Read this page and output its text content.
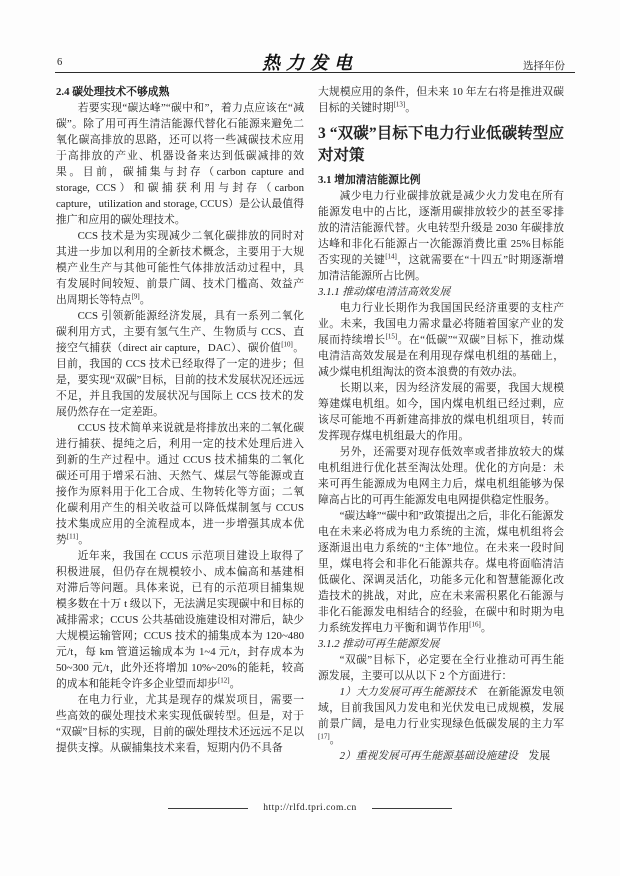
6	热力发电	选择年份
2.4 碳处理技术不够成熟

若要实现“碳达峰”“碳中和”，着力点应该在“减碳”。除了用可再生清洁能源代替化石能源来避免二氧化碳高排放的思路，还可以将一些减碳技术应用于高排放的产业、机器设备来达到低碳减排的效果。目前，碳捕集与封存（carbon capture and storage, CCS）和碳捕获利用与封存（carbon capture，utilization and storage, CCUS）是公认最值得推广和应用的碳处理技术。

CCS 技术是为实现减少二氧化碳排放的同时对其进一步加以利用的全新技术概念，主要用于大规模产业生产与其他可能性气体排放活动过程中，具有发展时间较短、前景广阔、技术门槛高、效益产出周期长等特点[9]。

CCS 引领新能源经济发展，具有一系列二氧化碳利用方式，主要有氢气生产、生物质与 CCS、直接空气捕获（direct air capture，DAC）、碳价值[10]。目前，我国的 CCS 技术已经取得了一定的进步；但是，要实现“双碳”目标，目前的技术发展状况还远远不足，并且我国的发展状况与国际上 CCS 技术的发展仍然存在一定差距。

CCUS 技术简单来说就是将排放出来的二氧化碳进行捕获、提纯之后，利用一定的技术处理后进入到新的生产过程中。通过 CCUS 技术捕集的二氧化碳还可用于增采石油、天然气、煤层气等能源或直接作为原料用于化工合成、生物转化等方面；二氧化碳利用产生的相关收益可以降低煤制氢与 CCUS 技术集成应用的全流程成本，进一步增强其成本优势[11]。

近年来，我国在 CCUS 示范项目建设上取得了积极进展，但仍存在规模较小、成本偏高和基建相对滞后等问题。具体来说，已有的示范项目捕集规模多数在十万 t 级以下，无法满足实现碳中和目标的减排需求；CCUS 公共基础设施建设相对滞后，缺少大规模运输管网；CCUS 技术的捕集成本为 120~480 元/t，每 km 管道运输成本为 1~4 元/t，封存成本为 50~300 元/t，此外还将增加 10%~20%的能耗，较高的成本和能耗令许多企业望而却步[12]。

在电力行业，尤其是现存的煤炭项目，需要一些高效的碳处理技术来实现低碳转型。但是，对于“双碳”目标的实现，目前的碳处理技术还远远不足以提供支撑。从碳捕集技术来看，短期内仍不具备

大规模应用的条件，但未来 10 年左右将是推进双碳目标的关键时期[13]。

3 “双碳”目标下电力行业低碳转型应对对策
3.1 增加清洁能源比例

减少电力行业碳排放就是减少火力发电在所有能源发电中的占比，逐渐用碳排放较少的甚至零排放的清洁能源代替。火电转型升级是 2030 年碳排放达峰和非化石能源占一次能源消费比重 25%目标能否实现的关键[14]，这就需要在“十四五”时期逐渐增加清洁能源所占比例。

3.1.1 推动煤电清洁高效发展

电力行业长期作为我国国民经济重要的支柱产业。未来，我国电力需求量必将随着国家产业的发展而持续增长[15]。在“低碳”“双碳”目标下，推动煤电清洁高效发展是在利用现存煤电机组的基础上，减少煤电机组淘汰的资本浪费的有效办法。

长期以来，因为经济发展的需要，我国大规模筹建煤电机组。如今，国内煤电机组已经过剩，应该尽可能地不再新建高排放的煤电机组项目，转而发挥现存煤电机组最大的作用。

另外，还需要对现存低效率或者排放较大的煤电机组进行优化甚至淘汰处理。优化的方向是：未来可再生能源成为电网主力后，煤电机组能够为保障高占比的可再生能源发电电网提供稳定性服务。

“碳达峰”“碳中和”政策提出之后，非化石能源发电在未来必将成为电力系统的主流，煤电机组将会逐渐退出电力系统的“主体”地位。在未来一段时间里，煤电将会和非化石能源共存。煤电将面临清洁低碳化、深调灵活化，功能多元化和智慧能源化改造技术的挑战，对此，应在未来需积累化石能源与非化石能源发电相结合的经验，在碳中和时期为电力系统发挥电力平衡和调节作用[16]。

3.1.2 推动可再生能源发展

“双碳”目标下，必定要在全行业推动可再生能源发展，主要可以从以下 2 个方面进行：

1）大力发展可再生能源技术　在新能源发电领域，目前我国风力发电和光伏发电已成规模，发展前景广阔，是电力行业实现绿色低碳发展的主力军[17]。

2）重视发展可再生能源基础设施建设　发展

http://rlfd.tpri.com.cn
